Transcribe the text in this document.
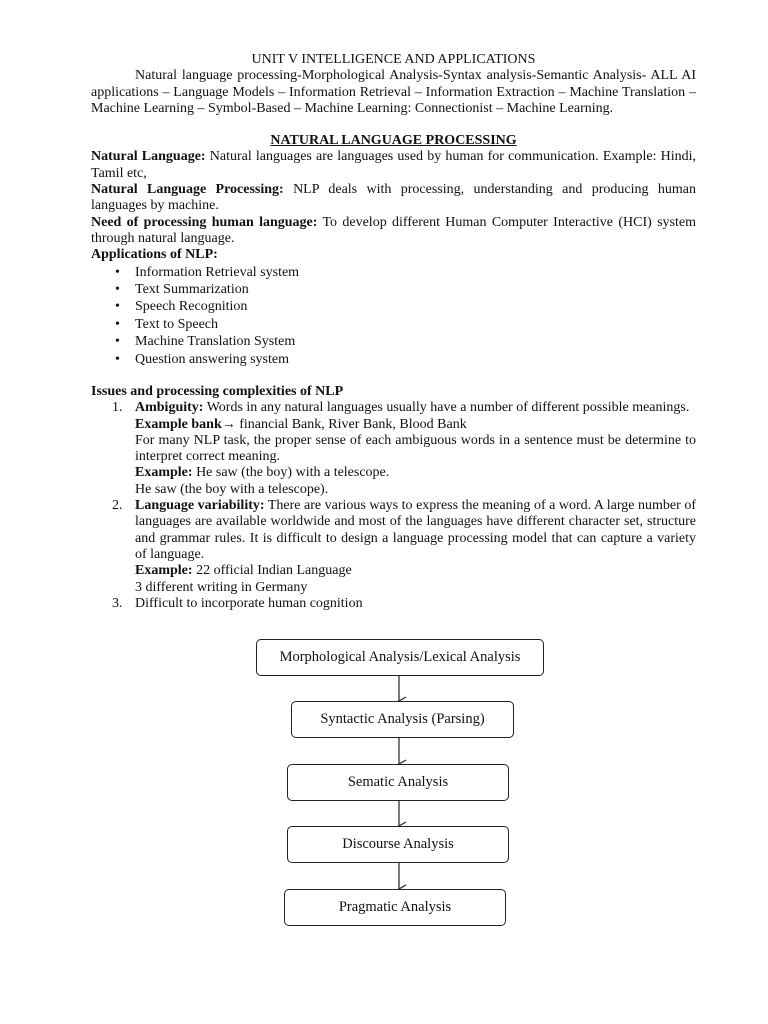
UNIT V INTELLIGENCE AND APPLICATIONS

Natural language processing-Morphological Analysis-Syntax analysis-Semantic Analysis- ALL AI applications – Language Models – Information Retrieval – Information Extraction – Machine Translation – Machine Learning – Symbol-Based – Machine Learning: Connectionist – Machine Learning.

NATURAL LANGUAGE PROCESSING

Natural Language: Natural languages are languages used by human for communication. Example: Hindi, Tamil etc,

Natural Language Processing: NLP deals with processing, understanding and producing human languages by machine.

Need of processing human language: To develop different Human Computer Interactive (HCI) system through natural language.

Applications of NLP:

• Information Retrieval system
• Text Summarization
• Speech Recognition
• Text to Speech
• Machine Translation System
• Question answering system

Issues and processing complexities of NLP

1. Ambiguity: Words in any natural languages usually have a number of different possible meanings.

Example bank→ financial Bank, River Bank, Blood Bank

For many NLP task, the proper sense of each ambiguous words in a sentence must be determine to interpret correct meaning.

Example: He saw (the boy) with a telescope.

He saw (the boy with a telescope).

2. Language variability: There are various ways to express the meaning of a word. A large number of languages are available worldwide and most of the languages have different character set, structure and grammar rules. It is difficult to design a language processing model that can capture a variety of language.

Example: 22 official Indian Language

3 different writing in Germany

3. Difficult to incorporate human cognition

Morphological Analysis/Lexical Analysis
Syntactic Analysis (Parsing)
Sematic Analysis
Discourse Analysis
Pragmatic Analysis
